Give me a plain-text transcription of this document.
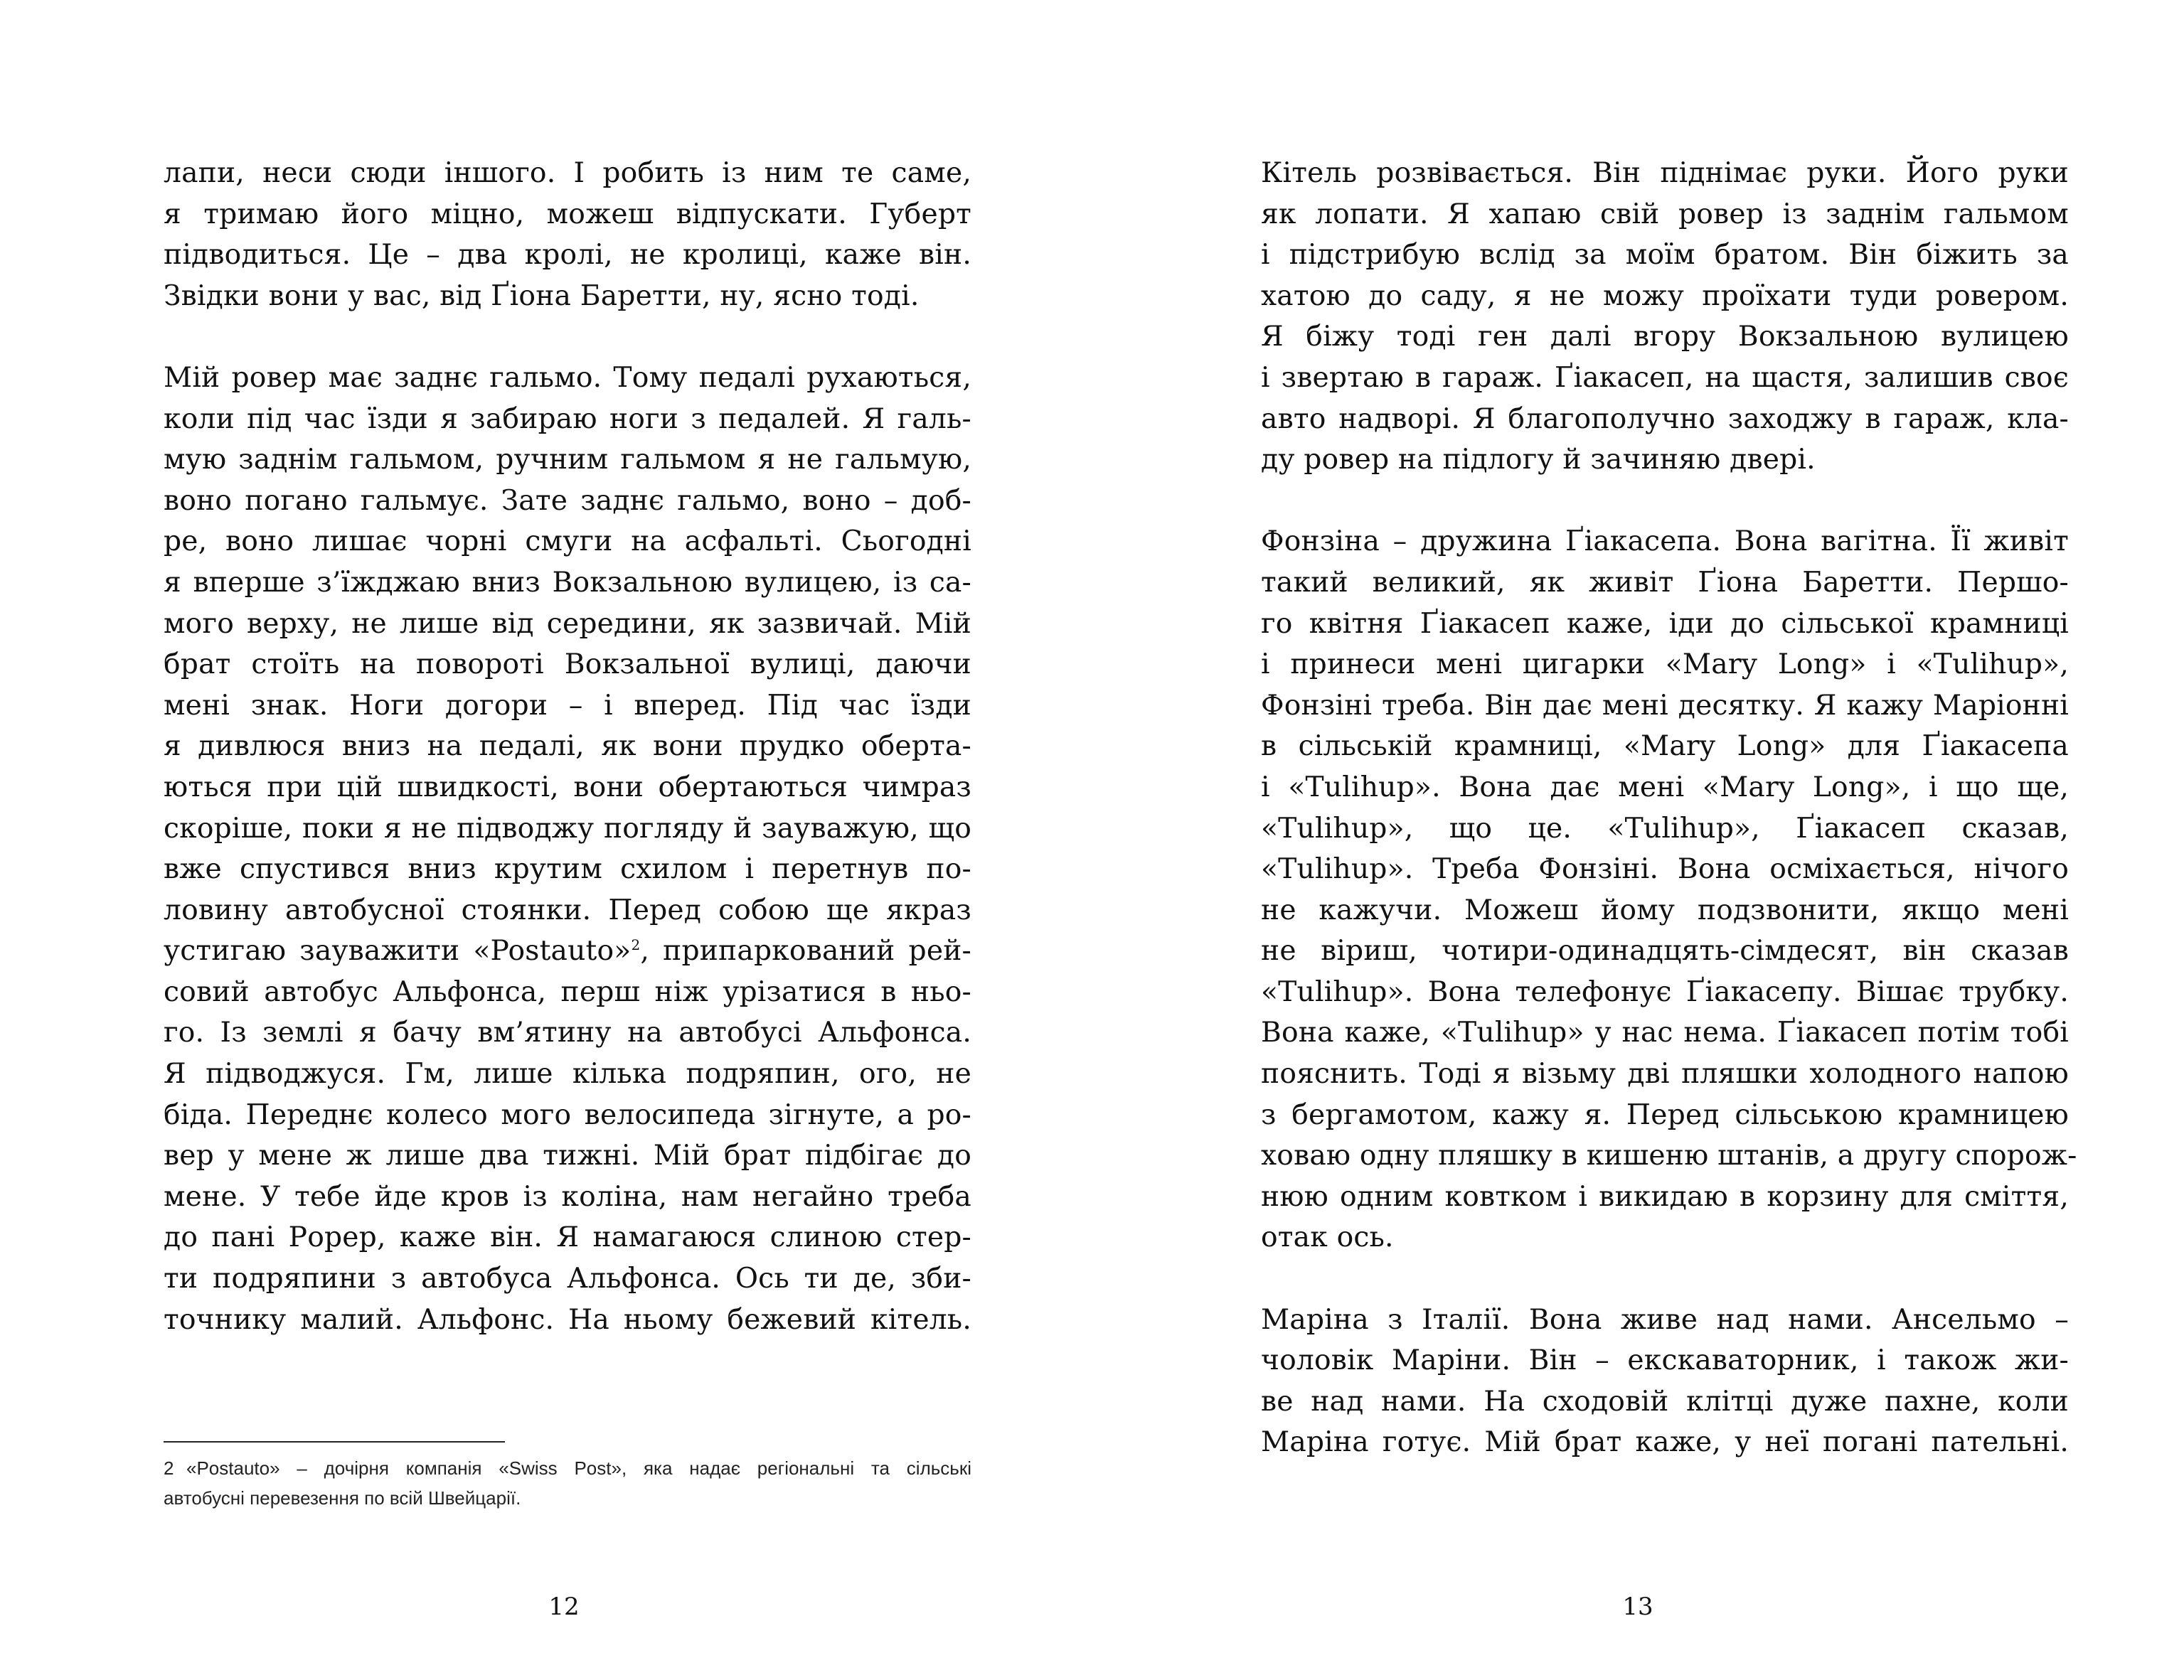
лапи, неси сюди іншого. І робить із ним те саме,
я тримаю його міцно, можеш відпускати. Губерт
підводиться. Це – два кролі, не кролиці, каже він.
Звідки вони у вас, від Ґіона Баретти, ну, ясно тоді.

Мій ровер має заднє гальмо. Тому педалі рухаються,
коли під час їзди я забираю ноги з педалей. Я галь-
мую заднім гальмом, ручним гальмом я не гальмую,
воно погано гальмує. Зате заднє гальмо, воно – доб-
ре, воно лишає чорні смуги на асфальті. Сьогодні
я вперше з’їжджаю вниз Вокзальною вулицею, із са-
мого верху, не лише від середини, як зазвичай. Мій
брат стоїть на повороті Вокзальної вулиці, даючи
мені знак. Ноги догори – і вперед. Під час їзди
я дивлюся вниз на педалі, як вони прудко оберта-
ються при цій швидкості, вони обертаються чимраз
скоріше, поки я не підводжу погляду й зауважую, що
вже спустився вниз крутим схилом і перетнув по-
ловину автобусної стоянки. Перед собою ще якраз
устигаю зауважити «Postauto»$^2$, припаркований рей-
совий автобус Альфонса, перш ніж урізатися в ньо-
го. Із землі я бачу вм’ятину на автобусі Альфонса.
Я підводжуся. Гм, лише кілька подряпин, ого, не
біда. Переднє колесо мого велосипеда зігнуте, а ро-
вер у мене ж лише два тижні. Мій брат підбігає до
мене. У тебе йде кров із коліна, нам негайно треба
до пані Рорер, каже він. Я намагаюся слиною стер-
ти подряпини з автобуса Альфонса. Ось ти де, зби-
точнику малий. Альфонс. На ньому бежевий кітель.

2 «Postauto» – дочірня компанія «Swiss Post», яка надає регіональні та сільські
автобусні перевезення по всій Швейцарії.
12

Кітель розвівається. Він піднімає руки. Його руки
як лопати. Я хапаю свій ровер із заднім гальмом
і підстрибую вслід за моїм братом. Він біжить за
хатою до саду, я не можу проїхати туди ровером.
Я біжу тоді ген далі вгору Вокзальною вулицею
і звертаю в гараж. Ґіакасеп, на щастя, залишив своє
авто надворі. Я благополучно заходжу в гараж, кла-
ду ровер на підлогу й зачиняю двері.

Фонзіна – дружина Ґіакасепа. Вона вагітна. Її живіт
такий великий, як живіт Ґіона Баретти. Першо-
го квітня Ґіакасеп каже, іди до сільської крамниці
і принеси мені цигарки «Mary Long» і «Tulihup»,
Фонзіні треба. Він дає мені десятку. Я кажу Маріонні
в сільській крамниці, «Mary Long» для Ґіакасепа
і «Tulihup». Вона дає мені «Mary Long», і що ще,
«Tulihup», що це. «Tulihup», Ґіакасеп сказав,
«Tulihup». Треба Фонзіні. Вона осміхається, нічого
не кажучи. Можеш йому подзвонити, якщо мені
не віриш, чотири-одинадцять-сімдесят, він сказав
«Tulihup». Вона телефонує Ґіакасепу. Вішає трубку.
Вона каже, «Tulihup» у нас нема. Ґіакасеп потім тобі
пояснить. Тоді я візьму дві пляшки холодного напою
з бергамотом, кажу я. Перед сільською крамницею
ховаю одну пляшку в кишеню штанів, а другу спорож-
нюю одним ковтком і викидаю в корзину для сміття,
отак ось.

Маріна з Італії. Вона живе над нами. Ансельмо –
чоловік Маріни. Він – екскаваторник, і також жи-
ве над нами. На сходовій клітці дуже пахне, коли
Маріна готує. Мій брат каже, у неї погані пательні.

13
